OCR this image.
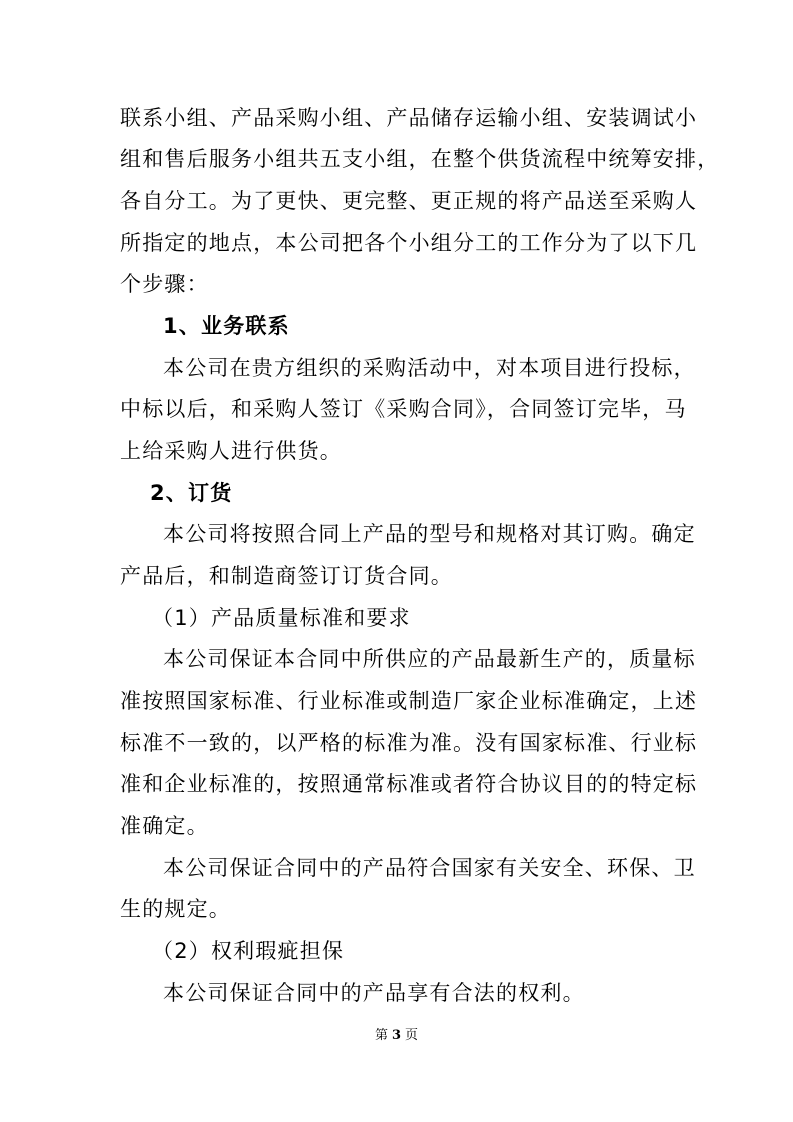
联系小组、产品采购小组、产品储存运输小组、安装调试小
组和售后服务小组共五支小组，在整个供货流程中统筹安排，
各自分工。为了更快、更完整、更正规的将产品送至采购人
所指定的地点，本公司把各个小组分工的工作分为了以下几
个步骤：
1、业务联系
本公司在贵方组织的采购活动中，对本项目进行投标，
中标以后，和采购人签订《采购合同》，合同签订完毕，马
上给采购人进行供货。
2、订货
本公司将按照合同上产品的型号和规格对其订购。确定
产品后，和制造商签订订货合同。
（1）产品质量标准和要求
本公司保证本合同中所供应的产品最新生产的，质量标
准按照国家标准、行业标准或制造厂家企业标准确定，上述
标准不一致的，以严格的标准为准。没有国家标准、行业标
准和企业标准的，按照通常标准或者符合协议目的的特定标
准确定。
本公司保证合同中的产品符合国家有关安全、环保、卫
生的规定。
（2）权利瑕疵担保
本公司保证合同中的产品享有合法的权利。
第 3 页
